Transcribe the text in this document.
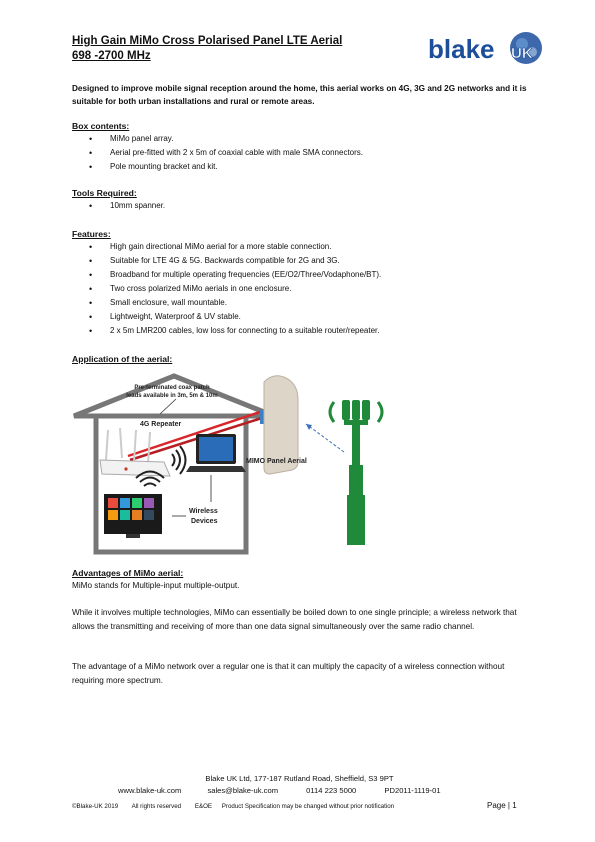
High Gain MiMo Cross Polarised Panel LTE Aerial
698 -2700 MHz	blake UK
Designed to improve mobile signal reception around the home, this aerial works on 4G, 3G and 2G networks and it is suitable for both urban installations and rural or remote areas.
Box contents:
• MiMo panel array.
• Aerial pre-fitted with 2 x 5m of coaxial cable with male SMA connectors.
• Pole mounting bracket and kit.
Tools Required:
• 10mm spanner.
Features:
• High gain directional MiMo aerial for a more stable connection.
• Suitable for LTE 4G & 5G. Backwards compatible for 2G and 3G.
• Broadband for multiple operating frequencies (EE/O2/Three/Vodaphone/BT).
• Two cross polarized MiMo aerials in one enclosure.
• Small enclosure, wall mountable.
• Lightweight, Waterproof & UV stable.
• 2 x 5m LMR200 cables, low loss for connecting to a suitable router/repeater.
Application of the aerial:
Pre-terminated coax patch
leads available in 3m, 5m & 10m
4G Repeater
Wireless
Devices
MIMO Panel Aerial
Advantages of MiMo aerial:
MiMo stands for Multiple-input multiple-output.
While it involves multiple technologies, MiMo can essentially be boiled down to one single principle; a wireless network that allows the transmitting and receiving of more than one data signal simultaneously over the same radio channel.
The advantage of a MiMo network over a regular one is that it can multiply the capacity of a wireless connection without requiring more spectrum.
Blake UK Ltd, 177-187 Rutland Road, Sheffield, S3 9PT
www.blake-uk.com	sales@blake-uk.com	0114 223 5000	PD2011-1119-01
©Blake-UK 2019 All rights reserved E&OE Product Specification may be changed without prior notification	Page | 1
